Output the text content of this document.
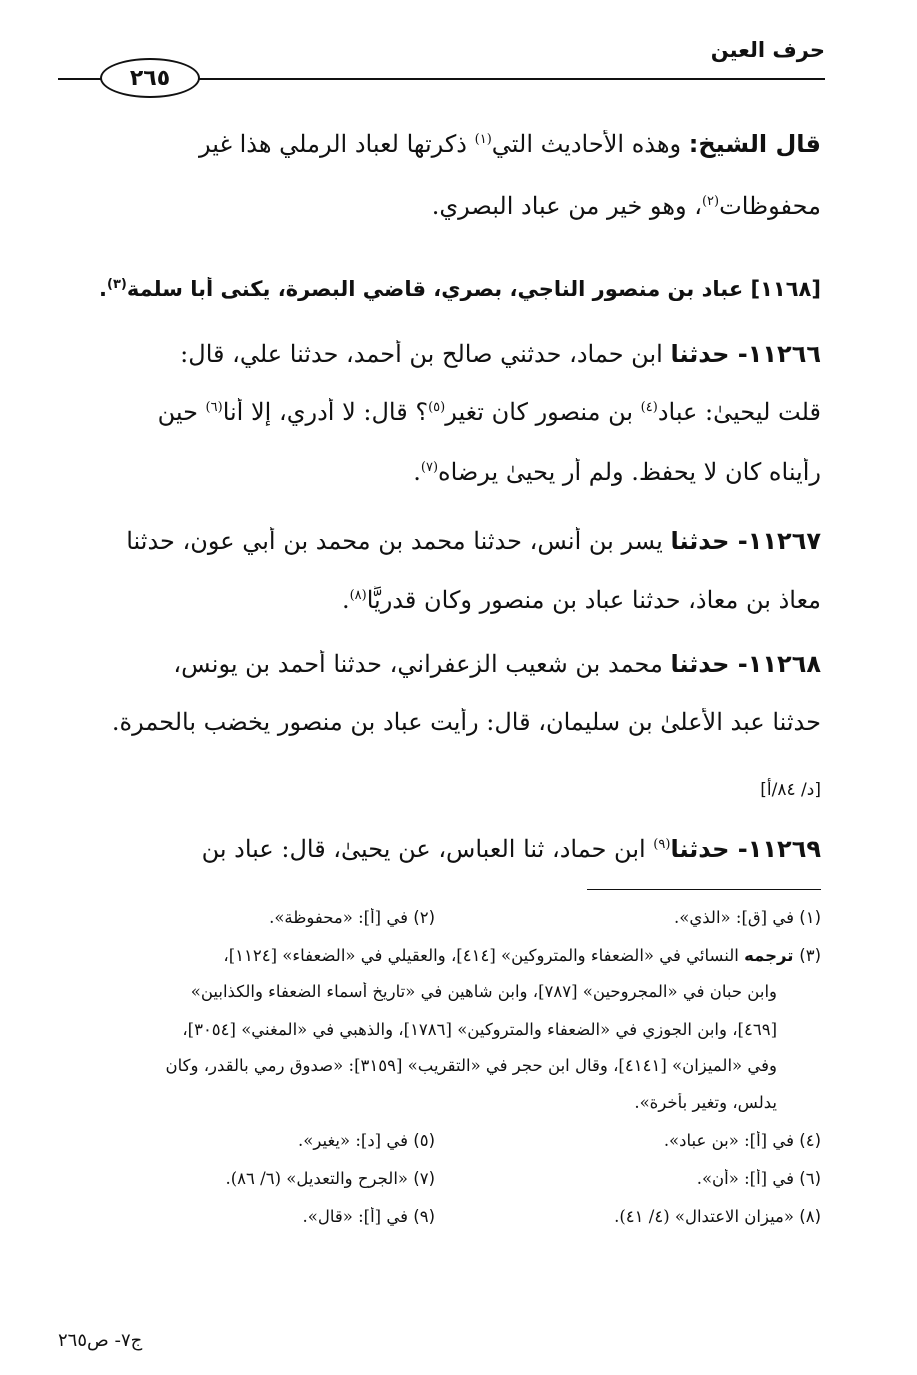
حرف العين
٢٦٥
قال الشيخ: وهذه الأحاديث التي$^{(١)}$ ذكرتها لعباد الرملي هذا غير
محفوظات$^{(٢)}$، وهو خير من عباد البصري.
[١١٦٨] عباد بن منصور الناجي، بصري، قاضي البصرة، يكنى أبا سلمة$^{(٣)}$.
١١٢٦٦- حدثنا ابن حماد، حدثني صالح بن أحمد، حدثنا علي، قال:
قلت ليحيىٰ: عباد$^{(٤)}$ بن منصور كان تغير$^{(٥)}$؟ قال: لا أدري، إلا أنا$^{(٦)}$ حين
رأيناه كان لا يحفظ. ولم أر يحيىٰ يرضاه$^{(٧)}$.
١١٢٦٧- حدثنا يسر بن أنس، حدثنا محمد بن محمد بن أبي عون، حدثنا
معاذ بن معاذ، حدثنا عباد بن منصور وكان قدريًّا$^{(٨)}$.
١١٢٦٨- حدثنا محمد بن شعيب الزعفراني، حدثنا أحمد بن يونس،
حدثنا عبد الأعلىٰ بن سليمان، قال: رأيت عباد بن منصور يخضب بالحمرة.
[د/ ٨٤/أ]
١١٢٦٩- حدثنا$^{(٩)}$ ابن حماد، ثنا العباس، عن يحيىٰ، قال: عباد بن
(١) في [ق]: «الذي».
(٢) في [أ]: «محفوظة».
(٣) ترجمه النسائي في «الضعفاء والمتروكين» [٤١٤]، والعقيلي في «الضعفاء» [١١٢٤]،
وابن حبان في «المجروحين» [٧٨٧]، وابن شاهين في «تاريخ أسماء الضعفاء والكذابين»
[٤٦٩]، وابن الجوزي في «الضعفاء والمتروكين» [١٧٨٦]، والذهبي في «المغني» [٣٠٥٤]،
وفي «الميزان» [٤١٤١]، وقال ابن حجر في «التقريب» [٣١٥٩]: «صدوق رمي بالقدر، وكان
يدلس، وتغير بأخرة».
(٤) في [أ]: «بن عباد».
(٥) في [د]: «يغير».
(٦) في [أ]: «أن».
(٧) «الجرح والتعديل» (٦/ ٨٦).
(٨) «ميزان الاعتدال» (٤/ ٤١).
(٩) في [أ]: «قال».
ج٧- ص٢٦٥
